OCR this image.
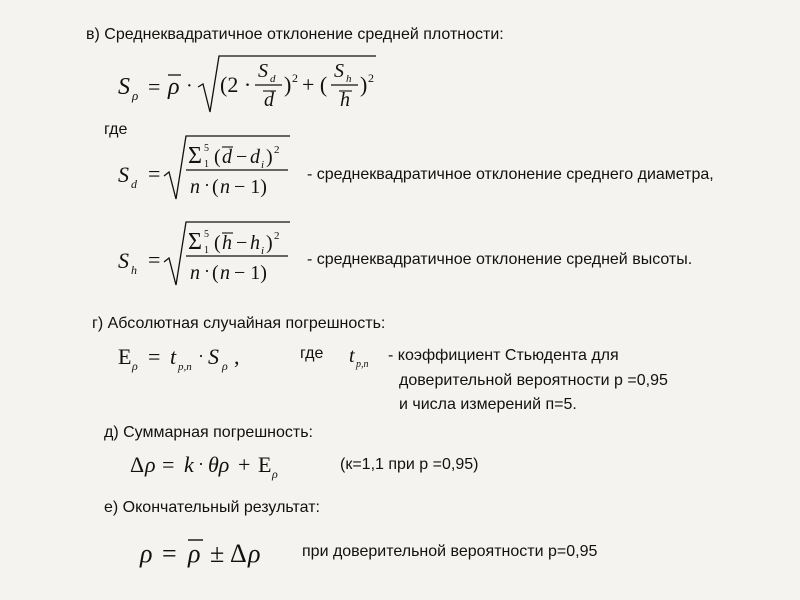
в) Среднеквадратичное отклонение средней плотности:
S ρ = ρ · (2 ·
S d
d
) 2 + (
S h
h
) 2
где
S d =
Σ 5
1 ( d − d i ) 2
n · ( n − 1)
- среднеквадратичное отклонение среднего диаметра,
S h =
Σ 5
1 ( h − h i ) 2
n · ( n − 1)
- среднеквадратичное отклонение средней высоты.
г) Абсолютная случайная погрешность:
E ρ = t p,n
· S ρ ,	где t p,n
- коэффициент Стьюдента для
доверительной вероятности р =0,95
и числа измерений п=5.
д) Суммарная погрешность:
Δ ρ = k · θρ + E ρ
(к=1,1 при р =0,95)
е) Окончательный результат:
ρ = ρ ± Δ ρ	при доверительной вероятности р=0,95
